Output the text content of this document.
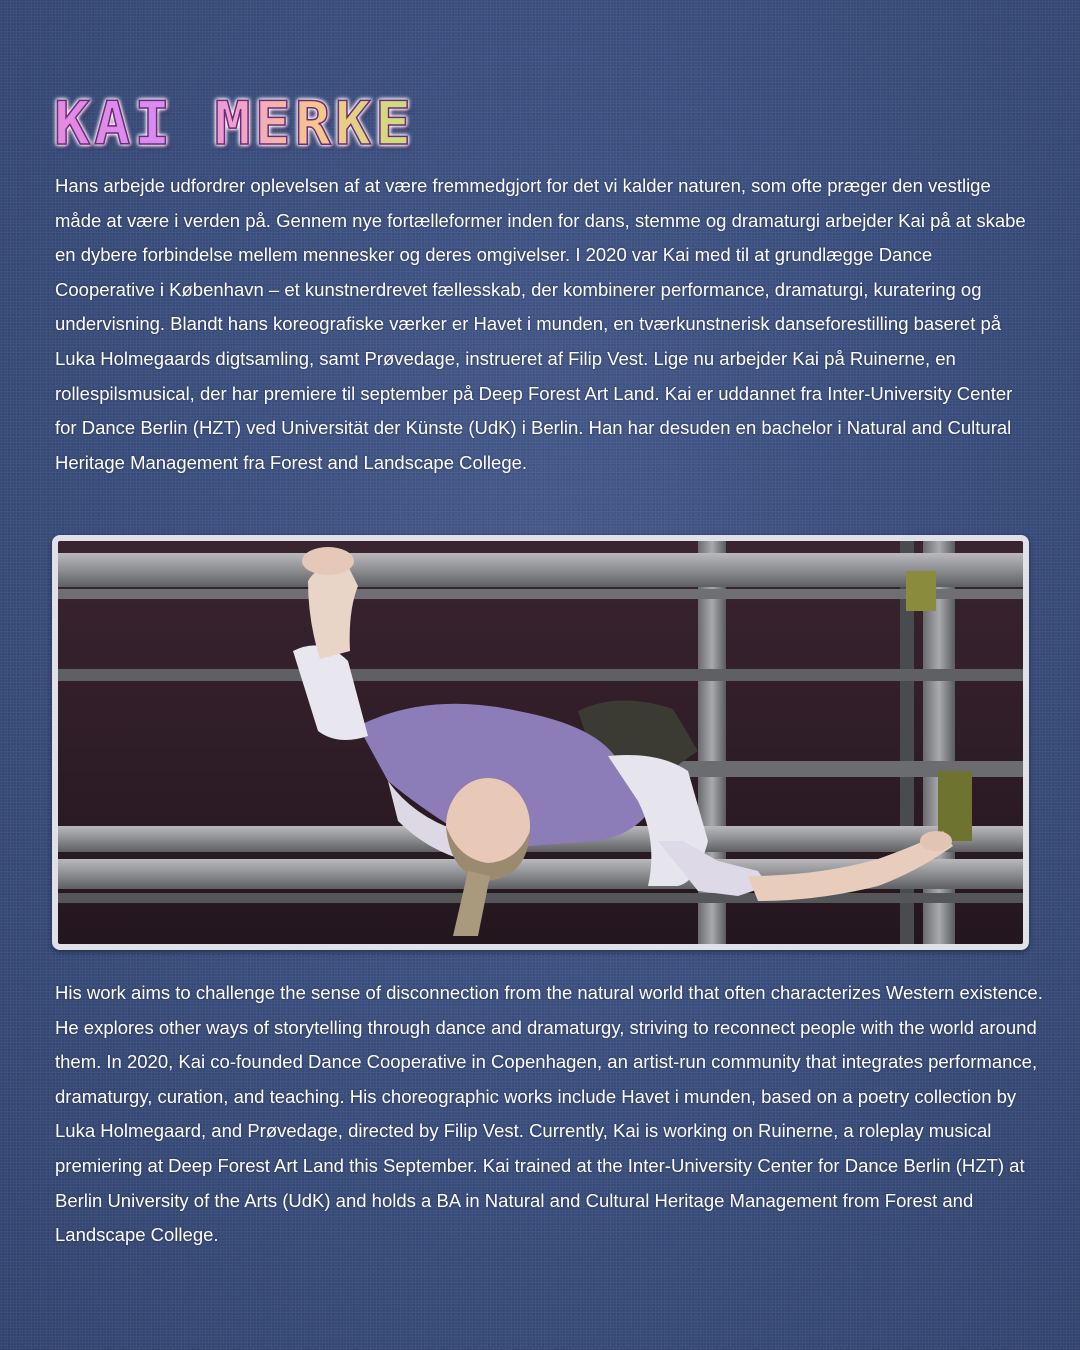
KAI MERKE

Hans arbejde udfordrer oplevelsen af at være fremmedgjort for det vi kalder naturen, som ofte præger den vestlige måde at være i verden på. Gennem nye fortælleformer inden for dans, stemme og dramaturgi arbejder Kai på at skabe en dybere forbindelse mellem mennesker og deres omgivelser. I 2020 var Kai med til at grundlægge Dance Cooperative i København – et kunstnerdrevet fællesskab, der kombinerer performance, dramaturgi, kuratering og undervisning. Blandt hans koreografiske værker er Havet i munden, en tværkunstnerisk danseforestilling baseret på Luka Holmegaards digtsamling, samt Prøvedage, instrueret af Filip Vest. Lige nu arbejder Kai på Ruinerne, en rollespilsmusical, der har premiere til september på Deep Forest Art Land. Kai er uddannet fra Inter-University Center for Dance Berlin (HZT) ved Universität der Künste (UdK) i Berlin. Han har desuden en bachelor i Natural and Cultural Heritage Management fra Forest and Landscape College.

His work aims to challenge the sense of disconnection from the natural world that often characterizes Western existence. He explores other ways of storytelling through dance and dramaturgy, striving to reconnect people with the world around them. In 2020, Kai co-founded Dance Cooperative in Copenhagen, an artist-run community that integrates performance, dramaturgy, curation, and teaching. His choreographic works include Havet i munden, based on a poetry collection by Luka Holmegaard, and Prøvedage, directed by Filip Vest. Currently, Kai is working on Ruinerne, a roleplay musical premiering at Deep Forest Art Land this September. Kai trained at the Inter-University Center for Dance Berlin (HZT) at Berlin University of the Arts (UdK) and holds a BA in Natural and Cultural Heritage Management from Forest and Landscape College.
